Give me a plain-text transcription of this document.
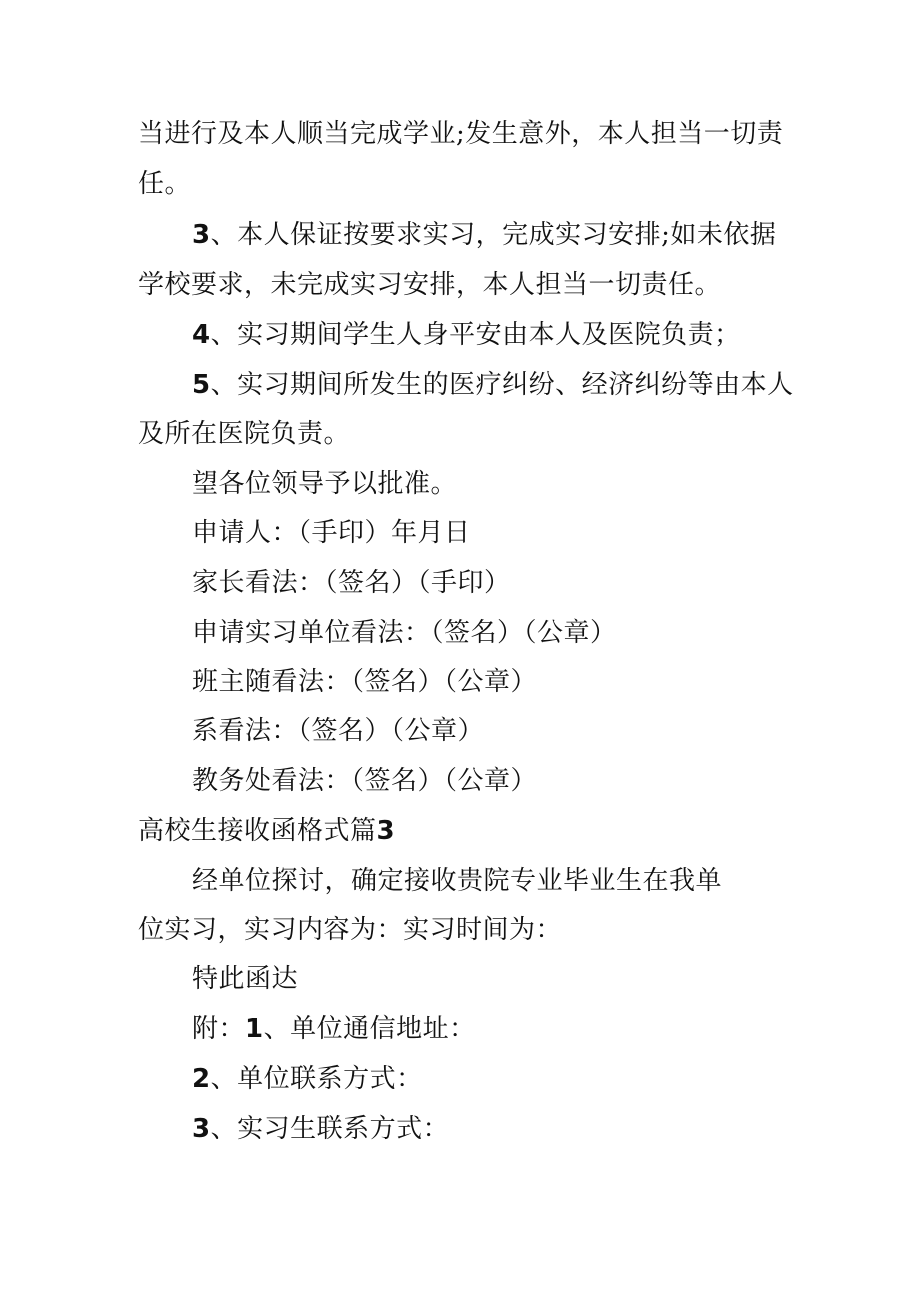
当进行及本人顺当完成学业;发生意外，本人担当一切责
任。
3、本人保证按要求实习，完成实习安排;如未依据
学校要求，未完成实习安排，本人担当一切责任。
4、实习期间学生人身平安由本人及医院负责；
5、实习期间所发生的医疗纠纷、经济纠纷等由本人
及所在医院负责。
望各位领导予以批准。
申请人：（手印）年月日
家长看法：（签名）（手印）
申请实习单位看法：（签名）（公章）
班主随看法：（签名）（公章）
系看法：（签名）（公章）
教务处看法：（签名）（公章）
高校生接收函格式篇3
经单位探讨，确定接收贵院专业毕业生在我单
位实习，实习内容为：实习时间为：
特此函达
附：1、单位通信地址：
2、单位联系方式：
3、实习生联系方式：
